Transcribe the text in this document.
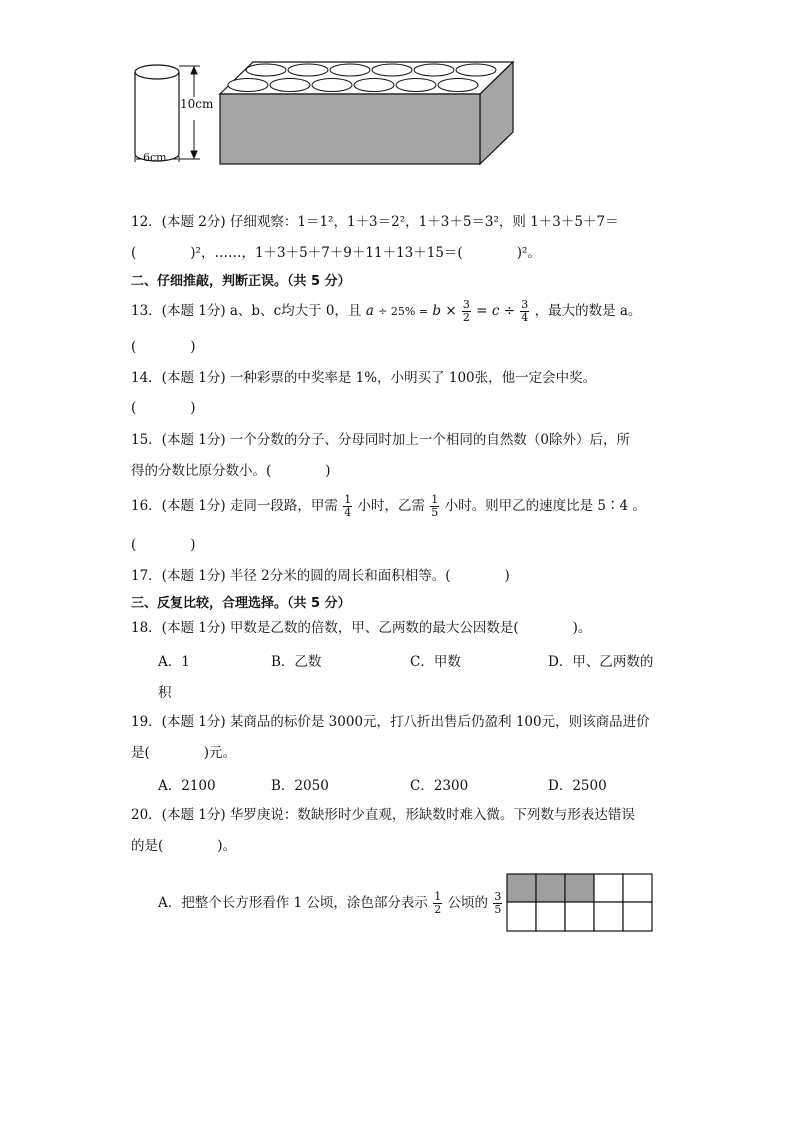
10cm
6cm
12．(本题 2分) 仔细观察：1＝1²，1＋3＝2²，1＋3＋5＝3²，则 1＋3＋5＋7＝
(　　　　)²，……，1＋3＋5＋7＋9＋11＋13＋15＝(　　　　)²。
二、仔细推敲，判断正误。（共 5 分）
13．(本题 1分) a、b、c均大于 0，且 $a \div 25\% = b \times \frac{3}{2} = c \div \frac{3}{4}$ ，最大的数是 a。
(　　　　)
14．(本题 1分) 一种彩票的中奖率是 1%，小明买了 100张，他一定会中奖。
(　　　　)
15．(本题 1分) 一个分数的分子、分母同时加上一个相同的自然数（0除外）后，所
得的分数比原分数小。(　　　　)
16．(本题 1分) 走同一段路，甲需 $\frac{1}{4}$ 小时，乙需 $\frac{1}{5}$ 小时。则甲乙的速度比是 5∶4 。
(　　　　)
17．(本题 1分) 半径 2分米的圆的周长和面积相等。(　　　　)
三、反复比较，合理选择。（共 5 分）
18．(本题 1分) 甲数是乙数的倍数，甲、乙两数的最大公因数是(　　　　)。
A．1	B．乙数	C．甲数	D．甲、乙两数的
积
19．(本题 1分) 某商品的标价是 3000元，打八折出售后仍盈利 100元，则该商品进价
是(　　　　)元。
A．2100	B．2050	C．2300	D．2500
20．(本题 1分) 华罗庚说：数缺形时少直观，形缺数时难入微。下列数与形表达错误
的是(　　　　)。
A．把整个长方形看作 1 公顷，涂色部分表示 $\frac{1}{2}$ 公顷的 $\frac{3}{5}$
